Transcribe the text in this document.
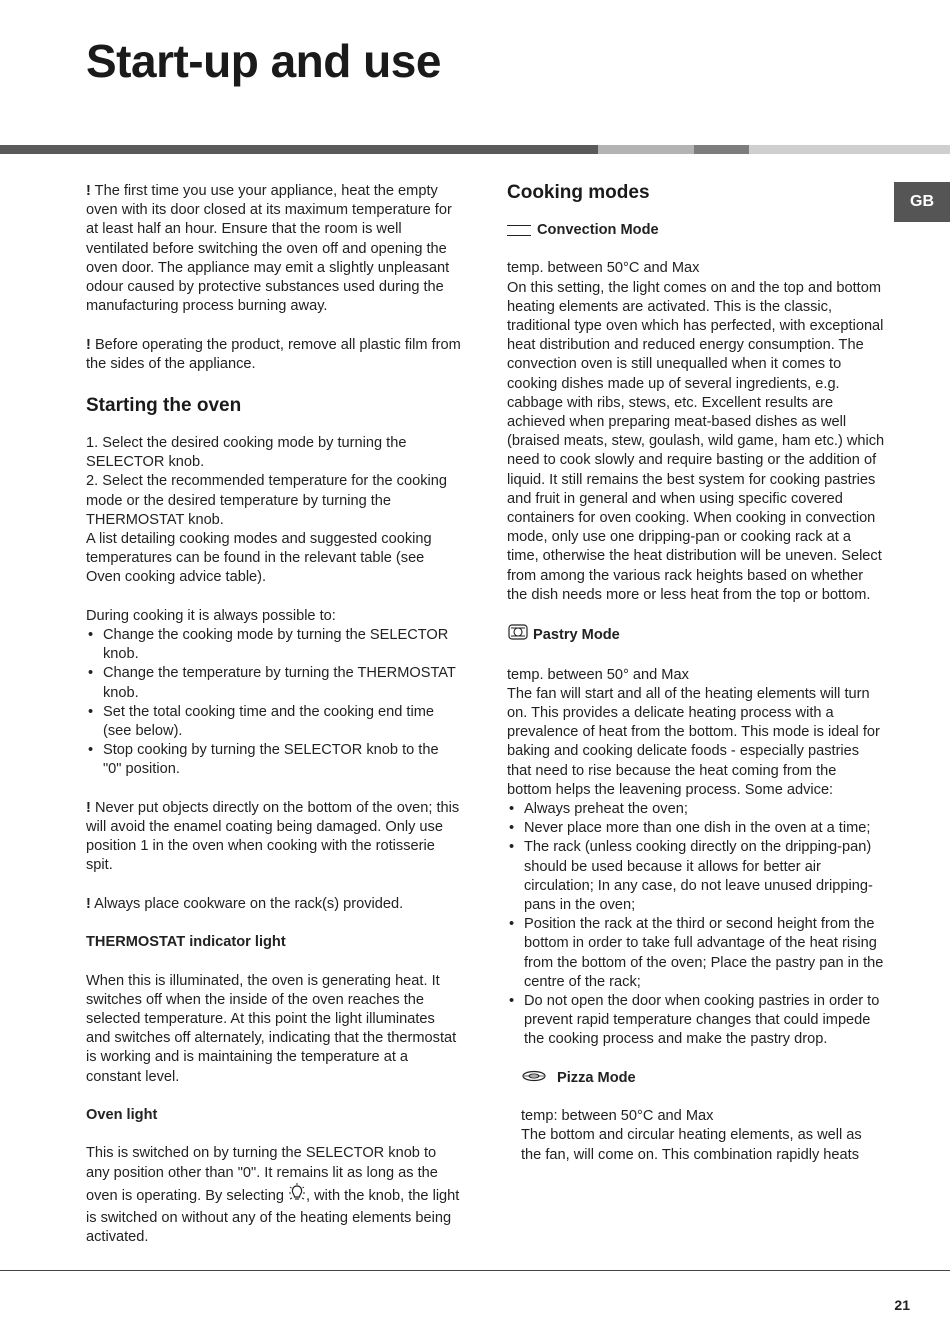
Start-up and use
GB

! The first time you use your appliance, heat the empty oven with its door closed at its maximum temperature for at least half an hour. Ensure that the room is well ventilated before switching the oven off and opening the oven door. The appliance may emit a slightly unpleasant odour caused by protective substances used during the manufacturing process burning away.

! Before operating the product, remove all plastic film from the sides of the appliance.

Starting the oven

1. Select the desired cooking mode by turning the SELECTOR knob.

2. Select the recommended temperature for the cooking mode or the desired temperature by turning the THERMOSTAT knob.

A list detailing cooking modes and suggested cooking temperatures can be found in the relevant table (see Oven cooking advice table).

During cooking it is always possible to:

• Change the cooking mode by turning the SELECTOR knob.
• Change the temperature by turning the THERMOSTAT knob.
• Set the total cooking time and the cooking end time (see below).
• Stop cooking by turning the SELECTOR knob to the "0" position.

! Never put objects directly on the bottom of the oven; this will avoid the enamel coating being damaged. Only use position 1 in the oven when cooking with the rotisserie spit.

! Always place cookware on the rack(s) provided.

THERMOSTAT indicator light

When this is illuminated, the oven is generating heat. It switches off when the inside of the oven reaches the selected temperature. At this point the light illuminates and switches off alternately, indicating that the thermostat is working and is maintaining the temperature at a constant level.

Oven light

This is switched on by turning the SELECTOR knob to any position other than "0". It remains lit as long as the oven is operating. By selecting , with the knob, the light is switched on without any of the heating elements being activated.

Cooking modes

Convection Mode

temp. between 50°C and Max

On this setting, the light comes on and the top and bottom heating elements are activated. This is the classic, traditional type oven which has perfected, with exceptional heat distribution and reduced energy consumption. The convection oven is still unequalled when it comes to cooking dishes made up of several ingredients, e.g. cabbage with ribs, stews, etc. Excellent results are achieved when preparing meat-based dishes as well (braised meats, stew, goulash, wild game, ham etc.) which need to cook slowly and require basting or the addition of liquid. It still remains the best system for cooking pastries and fruit in general and when using specific covered containers for oven cooking. When cooking in convection mode, only use one dripping-pan or cooking rack at a time, otherwise the heat distribution will be uneven. Select from among the various rack heights based on whether the dish needs more or less heat from the top or bottom.

Pastry Mode

temp. between 50° and Max

The fan will start and all of the heating elements will turn on. This provides a delicate heating process with a prevalence of heat from the bottom. This mode is ideal for baking and cooking delicate foods - especially pastries that need to rise because the heat coming from the bottom helps the leavening process. Some advice:

• Always preheat the oven;
• Never place more than one dish in the oven at a time;
• The rack (unless cooking directly on the dripping-pan) should be used because it allows for better air circulation; In any case, do not leave unused dripping-pans in the oven;
• Position the rack at the third or second height from the bottom in order to take full advantage of the heat rising from the bottom of the oven; Place the pastry pan in the centre of the rack;
• Do not open the door when cooking pastries in order to prevent rapid temperature changes that could impede the cooking process and make the pastry drop.

Pizza Mode

temp: between 50°C and Max

The bottom and circular heating elements, as well as the fan, will come on. This combination rapidly heats

21
